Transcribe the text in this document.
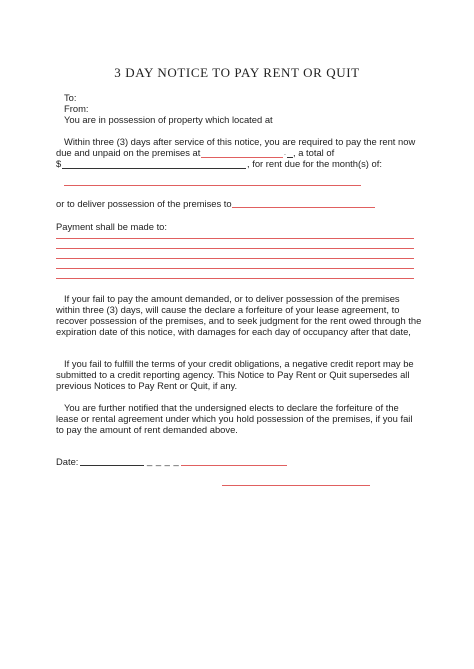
3 DAY NOTICE TO PAY RENT OR QUIT
To:
From:
You are in possession of property which located at
Within three (3) days after service of this notice, you are required to pay the rent now
due and unpaid on the premises at	. , a total of
$	, for rent due for the month(s) of:
or to deliver possession of the premises to
Payment shall be made to:
If your fail to pay the amount demanded, or to deliver possession of the premises
within three (3) days, will cause the declare a forfeiture of your lease agreement, to
recover possession of the premises, and to seek judgment for the rent owed through the
expiration date of this notice, with damages for each day of occupancy after that date,
If you fail to fulfill the terms of your credit obligations, a negative credit report may be
submitted to a credit reporting agency. This Notice to Pay Rent or Quit supersedes all
previous Notices to Pay Rent or Quit, if any.
You are further notified that the undersigned elects to declare the forfeiture of the
lease or rental agreement under which you hold possession of the premises, if you fail
to pay the amount of rent demanded above.
Date:	_ _ _ _
